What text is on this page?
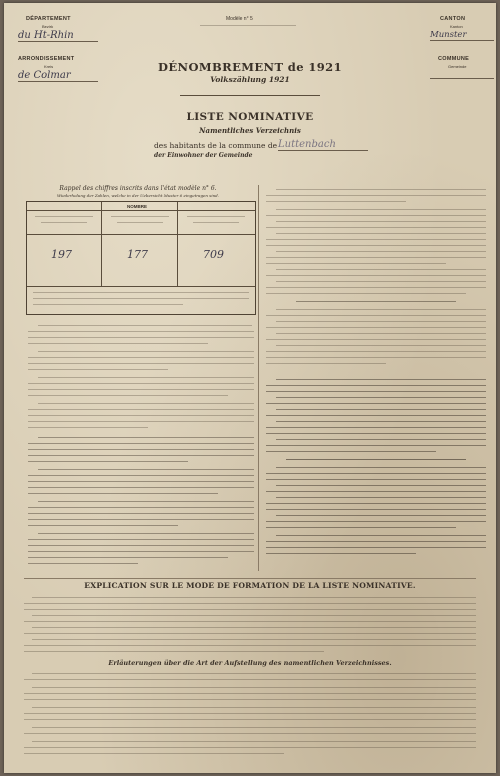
DÉPARTEMENT
Bezirk
du Ht-Rhin
ARRONDISSEMENT
Kreis
de Colmar
Modèle n° 5	CANTON
Kanton
Munster
COMMUNE
Gemeinde
DÉNOMBREMENT de 1921
Volkszählung 1921
LISTE NOMINATIVE
Namentliches Verzeichnis
des habitants de la commune de Luttenbach
der Einwohner der Gemeinde
Rappel des chiffres inscrits dans l'état modèle n° 6.
Wiederholung der Zahlen, welche in der Uebersicht Muster 6 eingetragen sind.
NOMBRE
197	177	709
EXPLICATION SUR LE MODE DE FORMATION DE LA LISTE NOMINATIVE.
Erläuterungen über die Art der Aufstellung des namentlichen Verzeichnisses.
